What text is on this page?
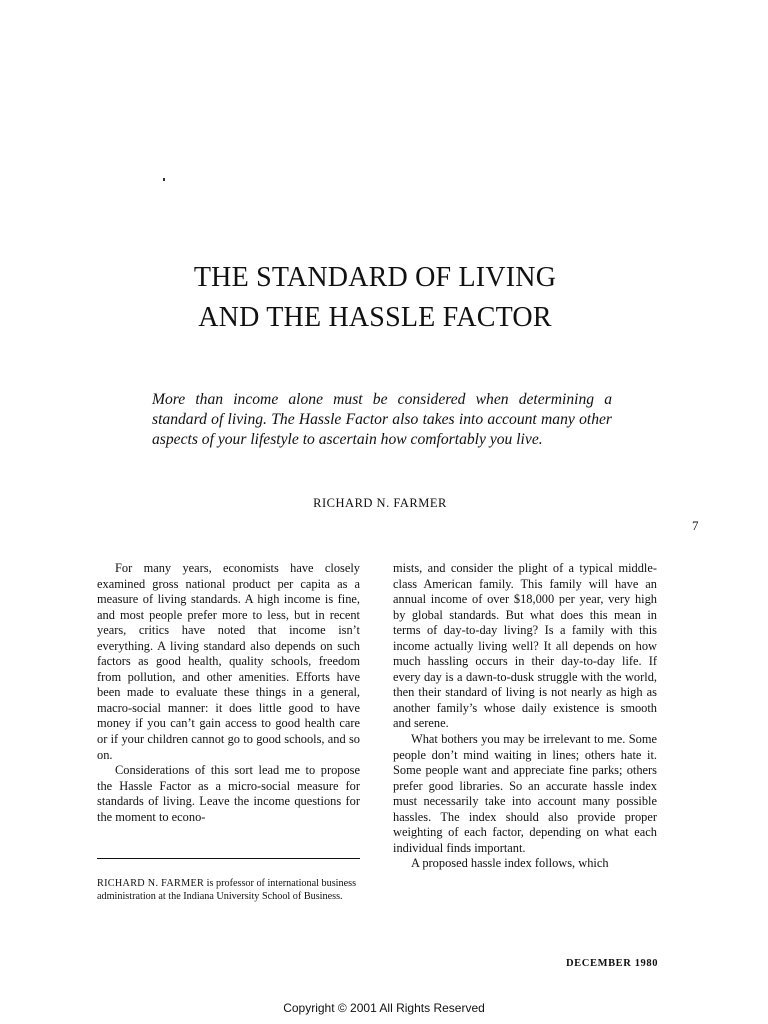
THE STANDARD OF LIVING
AND THE HASSLE FACTOR

More than income alone must be considered when determining a standard of living. The Hassle Factor also takes into account many other aspects of your lifestyle to ascertain how comfortably you live.

RICHARD N. FARMER
7

For many years, economists have closely examined gross national product per capita as a measure of living standards. A high income is fine, and most people prefer more to less, but in recent years, critics have noted that income isn’t everything. A living standard also depends on such factors as good health, quality schools, freedom from pollution, and other amenities. Efforts have been made to evaluate these things in a general, macro-social manner: it does little good to have money if you can’t gain access to good health care or if your children cannot go to good schools, and so on.

Considerations of this sort lead me to propose the Hassle Factor as a micro-social measure for standards of living. Leave the income questions for the moment to econo-

mists, and consider the plight of a typical middle-class American family. This family will have an annual income of over $18,000 per year, very high by global standards. But what does this mean in terms of day-to-day living? Is a family with this income actually living well? It all depends on how much hassling occurs in their day-to-day life. If every day is a dawn-to-dusk struggle with the world, then their standard of living is not nearly as high as another family’s whose daily existence is smooth and serene.

What bothers you may be irrelevant to me. Some people don’t mind waiting in lines; others hate it. Some people want and appreciate fine parks; others prefer good libraries. So an accurate hassle index must necessarily take into account many possible hassles. The index should also provide proper weighting of each factor, depending on what each individual finds important.

A proposed hassle index follows, which

RICHARD N. FARMER is professor of international business administration at the Indiana University School of Business.

DECEMBER 1980
Copyright © 2001 All Rights Reserved
